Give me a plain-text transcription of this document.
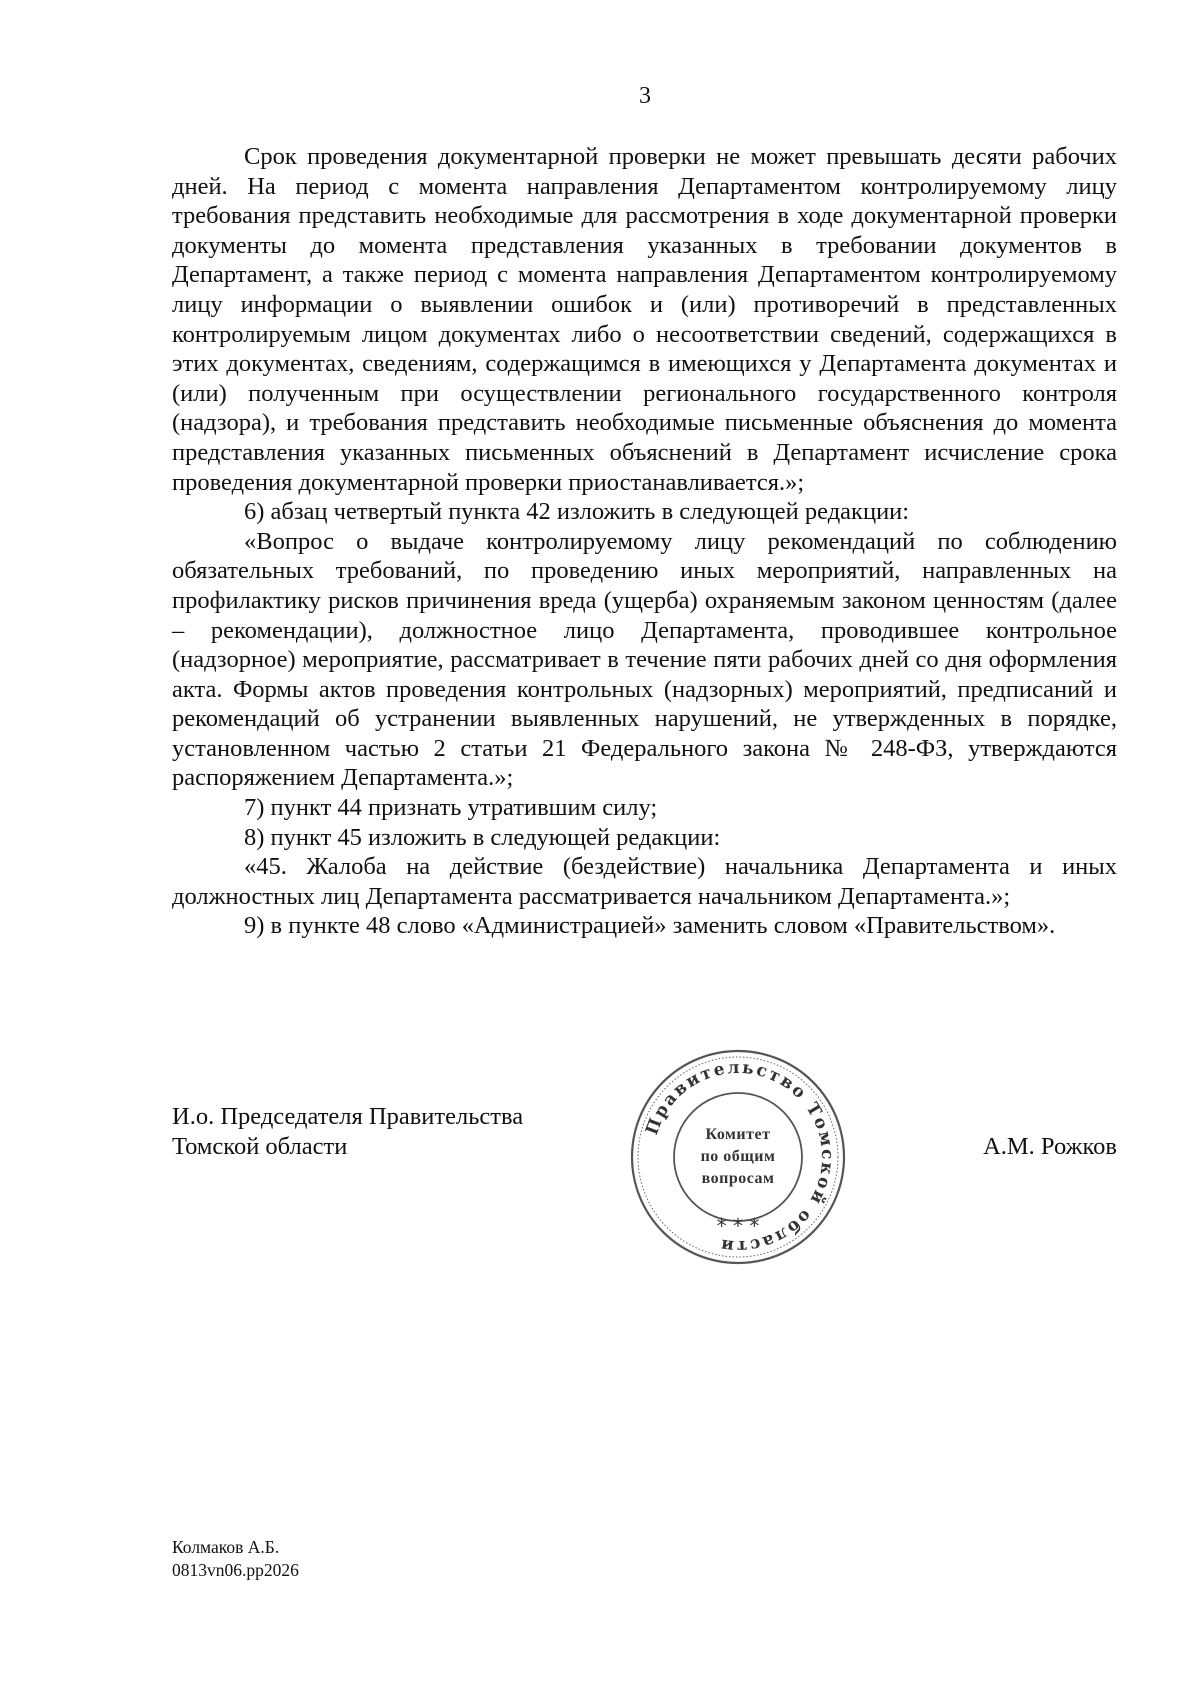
3

Срок проведения документарной проверки не может превышать десяти рабочих дней. На период с момента направления Департаментом контролируемому лицу требования представить необходимые для рассмотрения в ходе документарной проверки документы до момента представления указанных в требовании документов в Департамент, а также период с момента направления Департаментом контролируемому лицу информации о выявлении ошибок и (или) противоречий в представленных контролируемым лицом документах либо о несоответствии сведений, содержащихся в этих документах, сведениям, содержащимся в имеющихся у Департамента документах и (или) полученным при осуществлении регионального государственного контроля (надзора), и требования представить необходимые письменные объяснения до момента представления указанных письменных объяснений в Департамент исчисление срока проведения документарной проверки приостанавливается.»;

6) абзац четвертый пункта 42 изложить в следующей редакции:

«Вопрос о выдаче контролируемому лицу рекомендаций по соблюдению обязательных требований, по проведению иных мероприятий, направленных на профилактику рисков причинения вреда (ущерба) охраняемым законом ценностям (далее – рекомендации), должностное лицо Департамента, проводившее контрольное (надзорное) мероприятие, рассматривает в течение пяти рабочих дней со дня оформления акта. Формы актов проведения контрольных (надзорных) мероприятий, предписаний и рекомендаций об устранении выявленных нарушений, не утвержденных в порядке, установленном частью 2 статьи 21 Федерального закона № 248-ФЗ, утверждаются распоряжением Департамента.»;

7) пункт 44 признать утратившим силу;

8) пункт 45 изложить в следующей редакции:

«45. Жалоба на действие (бездействие) начальника Департамента и иных должностных лиц Департамента рассматривается начальником Департамента.»;

9) в пункте 48 слово «Администрацией» заменить словом «Правительством».

И.о. Председателя Правительства
Томской области
Правительство Томской области
* * *
Комитет
по общим
вопросам
А.М. Рожков
Колмаков А.Б.
0813vn06.pp2026
